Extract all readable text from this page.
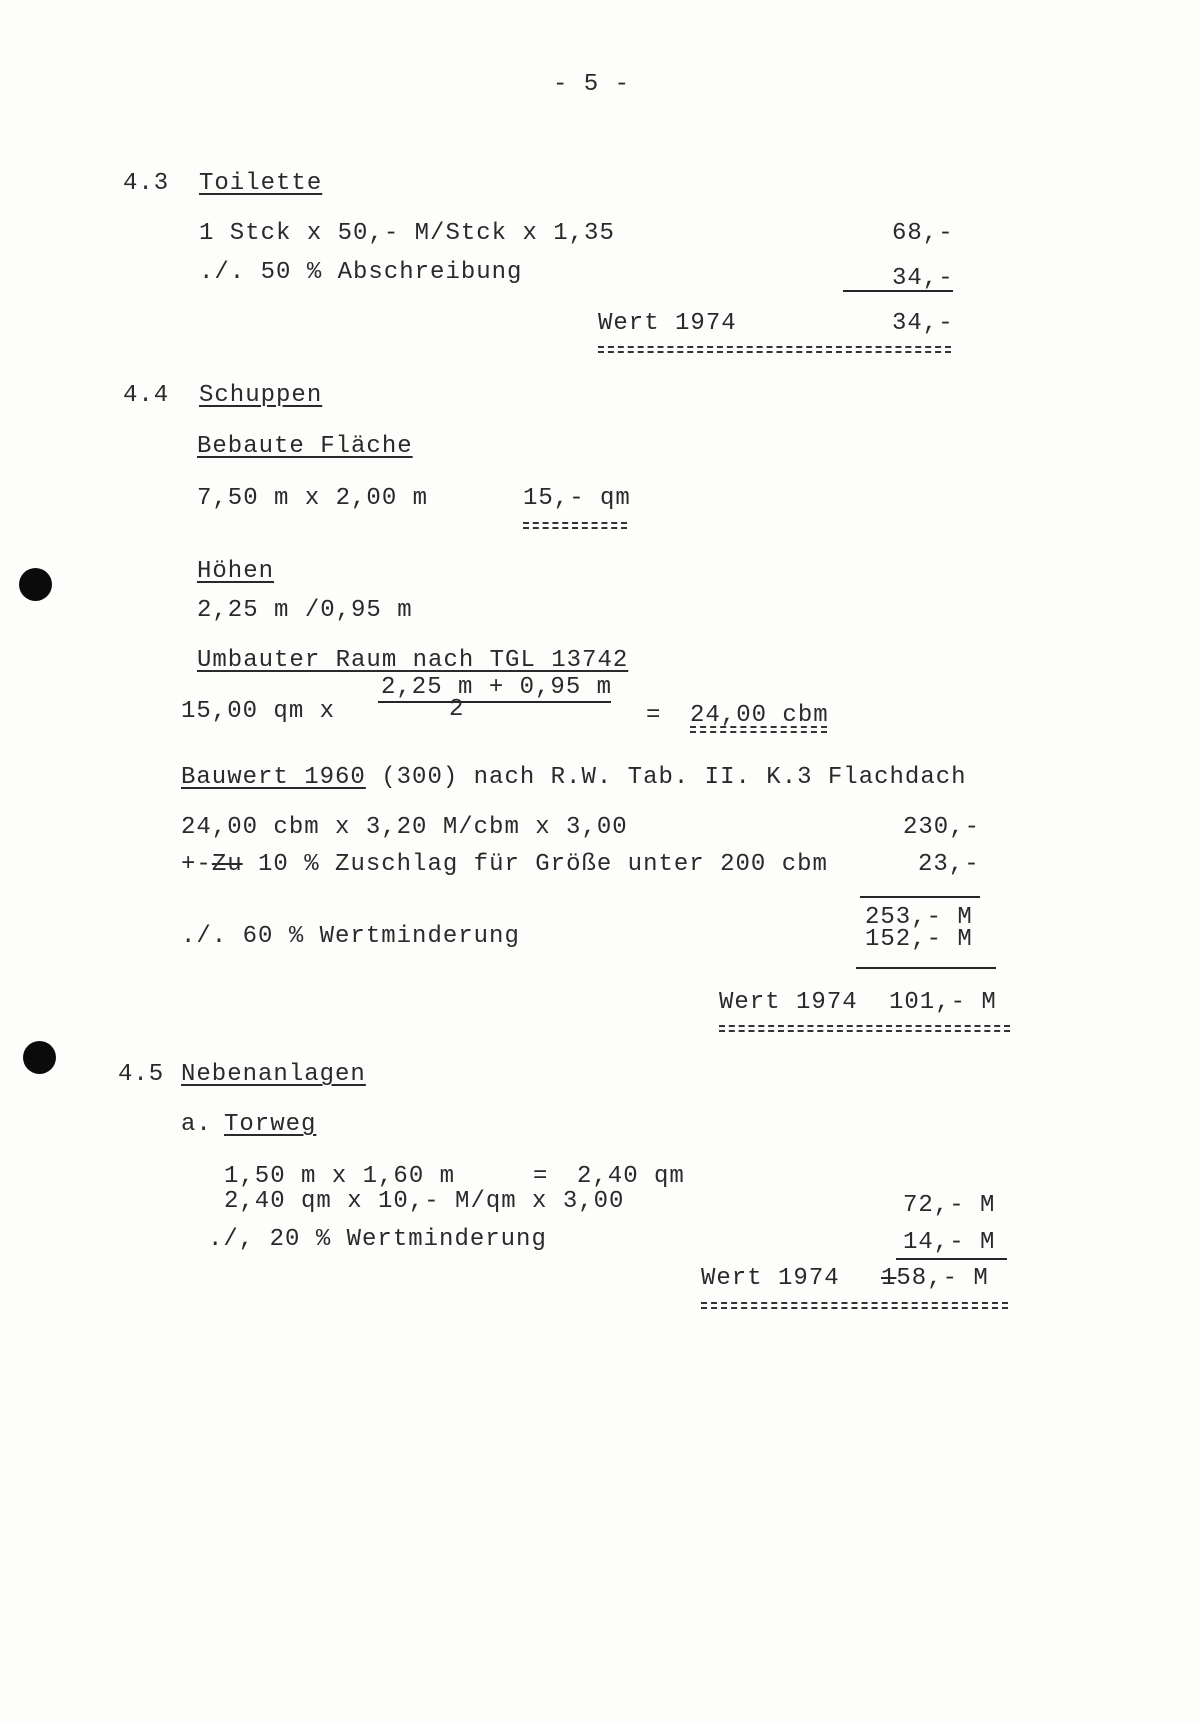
- 5 -
4.3 Toilette
1 Stck x 50,- M/Stck x 1,35	68,-
./. 50 % Abschreibung	34,-
Wert 1974	34,-
4.4 Schuppen
Bebaute Fläche
7,50 m x 2,00 m	15,- qm
Höhen
2,25 m /0,95 m
Umbauter Raum nach TGL 13742
2,25 m + 0,95 m
2
15,00 qm x	= 24,00 cbm
Bauwert 1960 (300) nach R.W. Tab. II. K.3 Flachdach
24,00 cbm x 3,20 M/cbm x 3,00	230,-
+-Zu 10 % Zuschlag für Größe unter 200 cbm	23,-
253,- M
./. 60 % Wertminderung	152,- M
Wert 1974 101,- M
4.5 Nebenanlagen
a. Torweg
1,50 m x 1,60 m	= 2,40 qm
2,40 qm x 10,- M/qm x 3,00	72,- M
./, 20 % Wertminderung	14,- M
Wert 1974 158,- M
